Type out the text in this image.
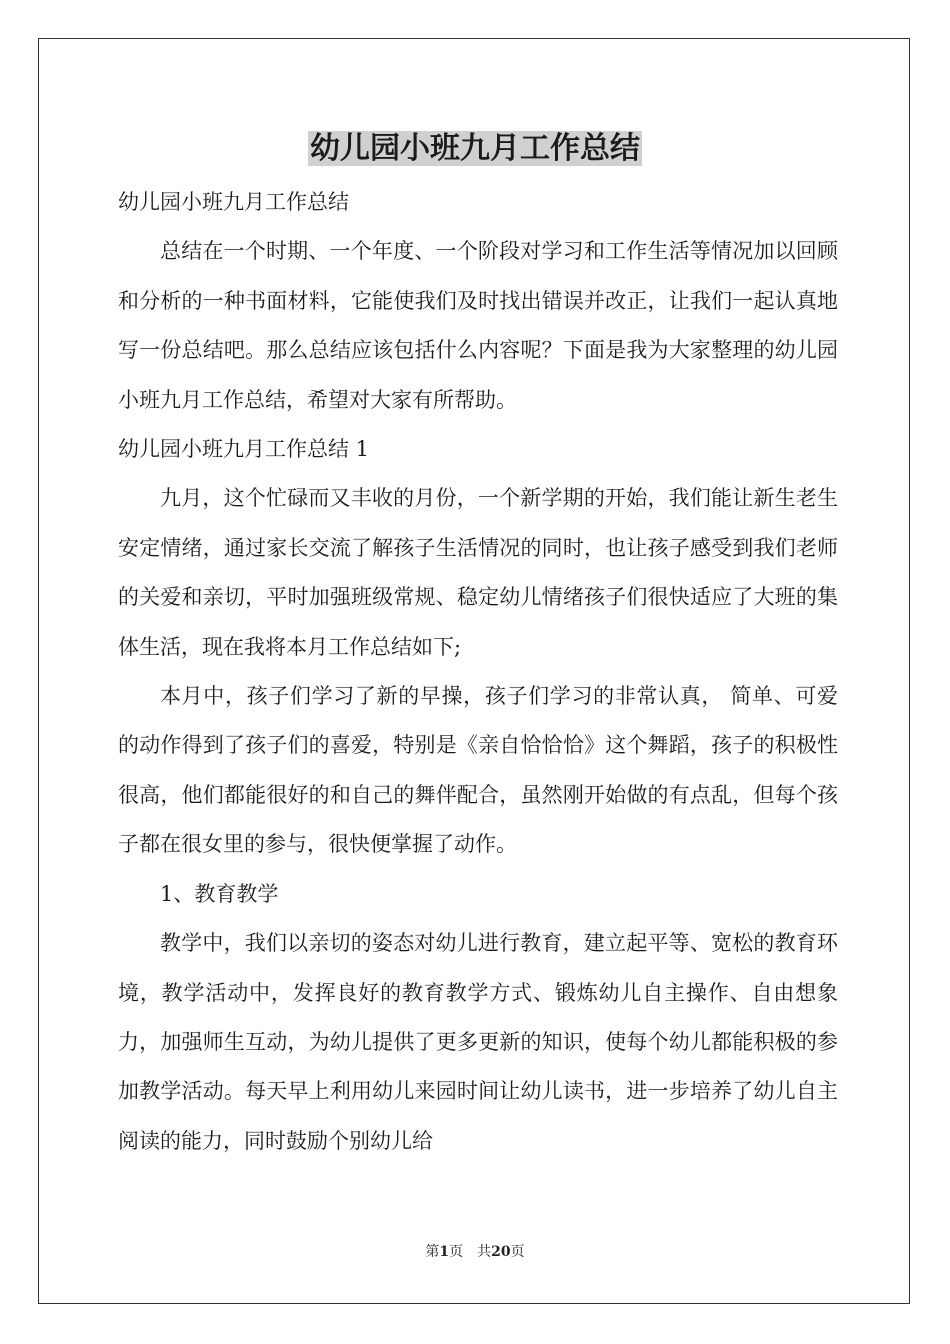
幼儿园小班九月工作总结

幼儿园小班九月工作总结

总结在一个时期、一个年度、一个阶段对学习和工作生活等情况加以回顾和分析的一种书面材料，它能使我们及时找出错误并改正，让我们一起认真地写一份总结吧。那么总结应该包括什么内容呢？下面是我为大家整理的幼儿园小班九月工作总结，希望对大家有所帮助。

幼儿园小班九月工作总结 1

九月，这个忙碌而又丰收的月份，一个新学期的开始，我们能让新生老生安定情绪，通过家长交流了解孩子生活情况的同时，也让孩子感受到我们老师的关爱和亲切，平时加强班级常规、稳定幼儿情绪孩子们很快适应了大班的集体生活，现在我将本月工作总结如下;

本月中，孩子们学习了新的早操，孩子们学习的非常认真， 简单、可爱的动作得到了孩子们的喜爱，特别是《亲自恰恰恰》这个舞蹈，孩子的积极性很高，他们都能很好的和自己的舞伴配合，虽然刚开始做的有点乱，但每个孩子都在很女里的参与，很快便掌握了动作。

1、教育教学

教学中，我们以亲切的姿态对幼儿进行教育，建立起平等、宽松的教育环境，教学活动中，发挥良好的教育教学方式、锻炼幼儿自主操作、自由想象力，加强师生互动，为幼儿提供了更多更新的知识，使每个幼儿都能积极的参加教学活动。每天早上利用幼儿来园时间让幼儿读书，进一步培养了幼儿自主阅读的能力，同时鼓励个别幼儿给

第1页 共20页
